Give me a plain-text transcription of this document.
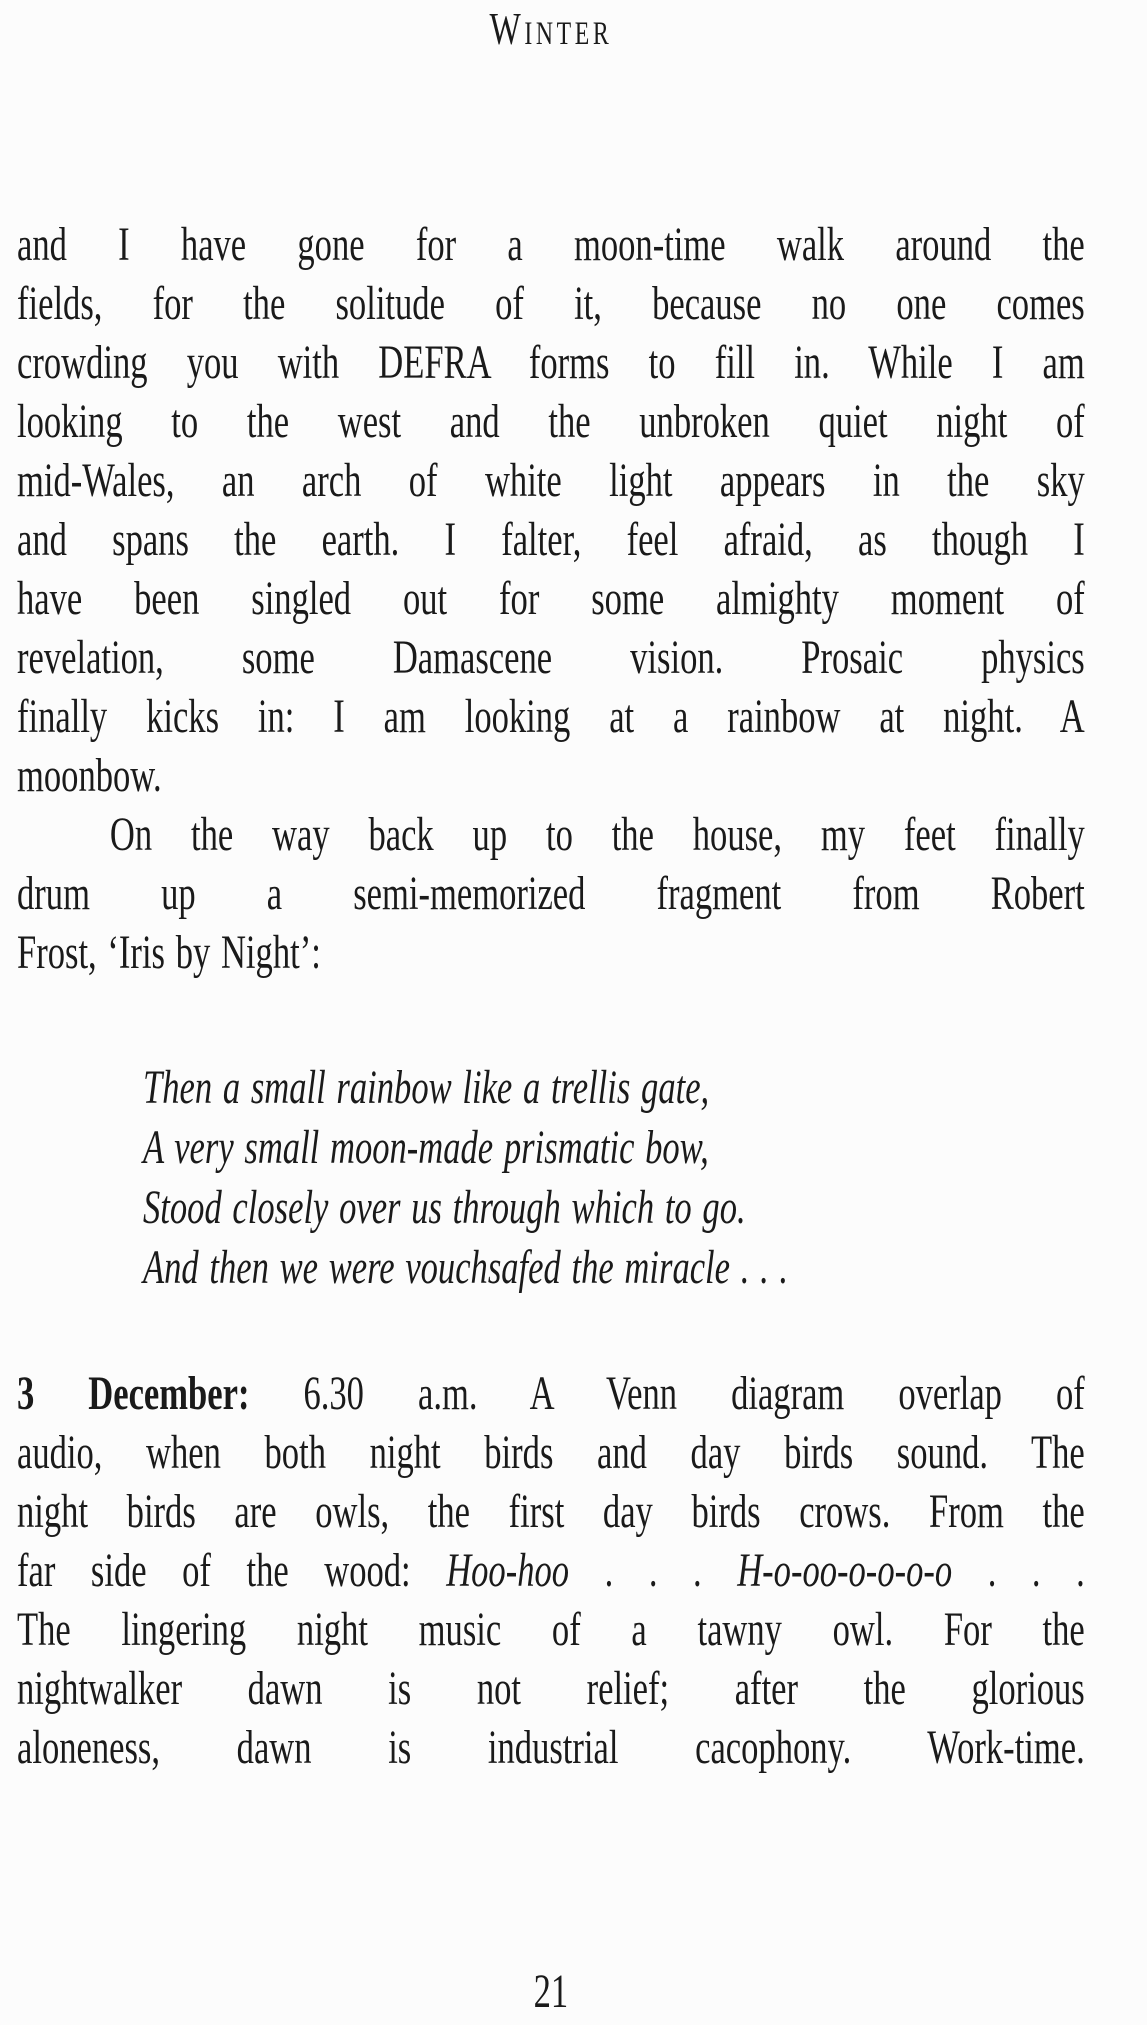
WINTER
and I have gone for a moon-time walk around the
fields, for the solitude of it, because no one comes
crowding you with DEFRA forms to fill in. While I am
looking to the west and the unbroken quiet night of
mid-Wales, an arch of white light appears in the sky
and spans the earth. I falter, feel afraid, as though I
have been singled out for some almighty moment of
revelation, some Damascene vision. Prosaic physics
finally kicks in: I am looking at a rainbow at night. A
moonbow.
On the way back up to the house, my feet finally
drum up a semi-memorized fragment from Robert
Frost, ‘Iris by Night’:
Then a small rainbow like a trellis gate,
A very small moon-made prismatic bow,
Stood closely over us through which to go.
And then we were vouchsafed the miracle . . .
3 December: 6.30 a.m. A Venn diagram overlap of
audio, when both night birds and day birds sound. The
night birds are owls, the first day birds crows. From the
far side of the wood: Hoo-hoo . . . H-o-oo-o-o-o-o . . .
The lingering night music of a tawny owl. For the
nightwalker dawn is not relief; after the glorious
aloneness, dawn is industrial cacophony. Work-time.
21
